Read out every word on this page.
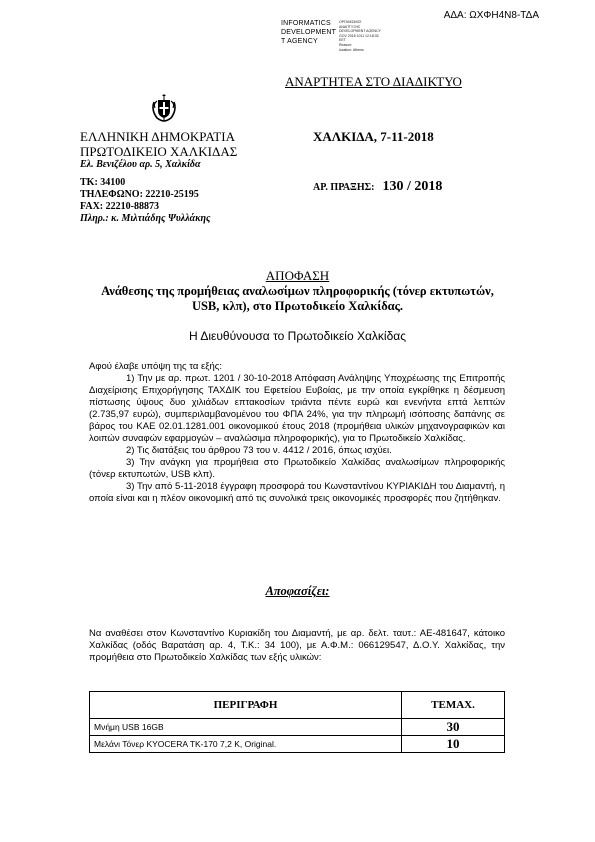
ΑΔΑ: ΩΧΦΗ4Ν8-ΤΔΑ
INFORMATICS
DEVELOPMENT
T AGENCY
ΟΡΓΑΝΙΣΜΟΣ
ΑΝΑΠΤΥΞΗΣ
DEVELOPMENT AGENCY
GOV 2018 1011 12:18:33
EET
Reason:
location: Athens
ΑΝΑΡΤΗΤΕΑ ΣΤΟ ΔΙΑΔΙΚΤΥΟ
ΕΛΛΗΝΙΚΗ ΔΗΜΟΚΡΑΤΙΑ
ΠΡΩΤΟΔΙΚΕΙΟ ΧΑΛΚΙΔΑΣ
Ελ. Βενιζέλου αρ. 5, Χαλκίδα
ΤΚ: 34100
ΤΗΛΕΦΩΝΟ: 22210-25195
FAX: 22210-88873
Πληρ.: κ. Μιλτιάδης Ψυλλάκης
ΧΑΛΚΙΔΑ, 7-11-2018
ΑΡ. ΠΡΑΞΗΣ: 130 / 2018
ΑΠΟΦΑΣΗ
Ανάθεσης της προμήθειας αναλωσίμων πληροφορικής (τόνερ εκτυπωτών, USB, κλπ), στο Πρωτοδικείο Χαλκίδας.
Η Διευθύνουσα το Πρωτοδικείο Χαλκίδας

Αφού έλαβε υπόψη της τα εξής:

1) Την με αρ. πρωτ. 1201 / 30-10-2018 Απόφαση Ανάληψης Υποχρέωσης της Επιτροπής Διαχείρισης Επιχορήγησης ΤΑΧΔΙΚ του Εφετείου Ευβοίας, με την οποία εγκρίθηκε η δέσμευση πίστωσης ύψους δυο χιλιάδων επτακοσίων τριάντα πέντε ευρώ και ενενήντα επτά λεπτών (2.735,97 ευρώ), συμπεριλαμβανομένου του ΦΠΑ 24%, για την πληρωμή ισόποσης δαπάνης σε βάρος του ΚΑΕ 02.01.1281.001 οικονομικού έτους 2018 (προμήθεια υλικών μηχανογραφικών και λοιπών συναφών εφαρμογών – αναλώσιμα πληροφορικής), για το Πρωτοδικείο Χαλκίδας.

2) Τις διατάξεις του άρθρου 73 του ν. 4412 / 2016, όπως ισχύει.

3) Την ανάγκη για προμήθεια στο Πρωτοδικείο Χαλκίδας αναλωσίμων πληροφορικής (τόνερ εκτυπωτών, USB κλπ).

3) Την από 5-11-2018 έγγραφη προσφορά του Κωνσταντίνου ΚΥΡΙΑΚΙΔΗ του Διαμαντή, η οποία είναι και η πλέον οικονομική από τις συνολικά τρεις οικονομικές προσφορές που ζητήθηκαν.

Αποφασίζει:
Να αναθέσει στον Κωνσταντίνο Κυριακίδη του Διαμαντή, με αρ. δελτ. ταυτ.: ΑΕ-481647, κάτοικο Χαλκίδας (οδός Βαρατάση αρ. 4, Τ.Κ.: 34 100), με Α.Φ.Μ.: 066129547, Δ.Ο.Υ. Χαλκίδας, την προμήθεια στο Πρωτοδικείο Χαλκίδας των εξής υλικών:
ΠΕΡΙΓΡΑΦΗ	ΤΕΜΑΧ.
Μνήμη USB 16GB	30
Μελάνι Τόνερ KYOCERA TK-170 7,2 K, Original.	10
